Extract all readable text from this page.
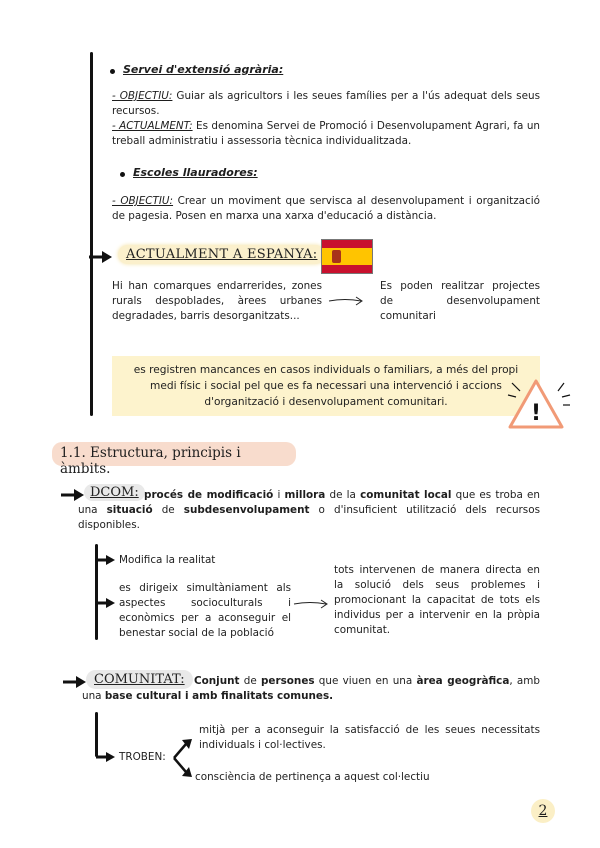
Servei d'extensió agrària:
- OBJECTIU: Guiar als agricultors i les seues famílies per a l'ús adequat dels seus recursos.
- ACTUALMENT: Es denomina Servei de Promoció i Desenvolupament Agrari, fa un treball administratiu i assessoria tècnica individualitzada.
Escoles llauradores:
- OBJECTIU: Crear un moviment que servisca al desenvolupament i organització de pagesia. Posen en marxa una xarxa d'educació a distància.
ACTUALMENT A ESPANYA:
Hi han comarques endarrerides, zones rurals despoblades, àrees urbanes degradades, barris desorganitzats...
Es poden realitzar projectes de desenvolupament comunitari
es registren mancances en casos individuals o familiars, a més del propi medi físic i social pel que es fa necessari una intervenció i accions d'organització i desenvolupament comunitari.	!
1.1. Estructura, principis i àmbits.
DCOM: procés de modificació i millora de la comunitat local que es troba en una situació de subdesenvolupament o d'insuficient utilització dels recursos disponibles.
Modifica la realitat
es dirigeix simultàniament als aspectes socioculturals i econòmics per a aconseguir el benestar social de la població
tots intervenen de manera directa en la solució dels seus problemes i promocionant la capacitat de tots els individus per a intervenir en la pròpia comunitat.
COMUNITAT: Conjunt de persones que viuen en una àrea geogràfica, amb una base cultural i amb finalitats comunes.
TROBEN:
mitjà per a aconseguir la satisfacció de les seues necessitats individuals i col·lectives.
consciència de pertinença a aquest col·lectiu
2
